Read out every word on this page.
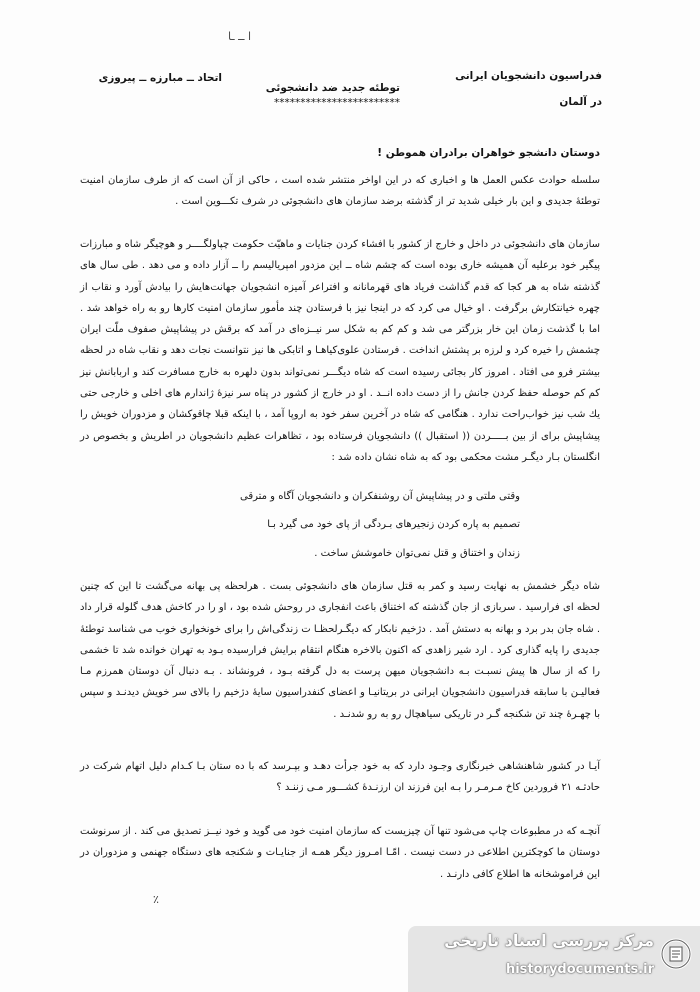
ا ــ ـا
فدراسیون دانشجویان ایرانی
در آلمان
توطئه جدید ضد دانشجوئی
************************
اتحاد ــ مبارزه ــ پیروزی
دوستان دانشجو خواهران برادران هموطن !
سلسله حوادث عکس العمل ها و اخباری که در این اواخر منتشر شده است ، حاکی از آن است که از طرف سازمان امنیت توطئهٔ جدیدی و این بار خیلی شدید تر از گذشته برضد سازمان های دانشجوئی در شرف تکـــوین است .
سازمان های دانشجوئی در داخل و خارج از کشور با افشاء کردن جنایات و ماهیّت حکومت چپاولگــــر و هوچیگر شاه و مبارزات پیگیر خود برعلیه آن همیشه خاری بوده است که چشم شاه ــ این مزدور امپریالیسم را ــ آزار داده و می دهد . طی سال های گذشته شاه به هر کجا که قدم گذاشت فریاد های قهرمانانه و افتراعر آمیزه انشجویان جهانت‌هایش را بیادش آورد و نقاب از چهره خیانتکارش برگرفت . او خیال می کرد که در اینجا نیز با فرستادن چند مأمور سازمان امنیت کارها رو به راه خواهد شد . اما با گذشت زمان این خار بزرگتر می شد و کم کم به شکل سر نیــزه‌ای در آمد که برقش در پیشاپیش صفوف ملّت ایران چشمش را خیره کرد و لرزه بر پشتش انداخت . فرستادن علوی‌کیاهـا و اتابکی ها نیز نتوانست نجات دهد و نقاب شاه در لحظه بیشتر فرو می افتاد . امروز کار بجائی رسیده است که شاه دیگـــر نمی‌تواند بدون دلهره به خارج مسافرت کند و اربابانش نیز کم کم حوصله حفظ کردن جانش را از دست داده انــد . او در خارج از کشور در پناه سر نیزهٔ ژاندارم های اخلی و خارجی حتی یك شب نیز خواب‌راحت ندارد . هنگامی که شاه در آخرین سفر خود به اروپا آمد ، با اینکه قبلا چاقوکشان و مزدوران خویش را پیشاپیش برای از بین بـــــردن (( استقبال )) دانشجویان فرستاده بود ، تظاهرات عظیم دانشجویان در اطریش و بخصوص در انگلستان بـار دیگـر مشت محکمی بود که به شاه نشان داده شد :
وقتی ملتی و در پیشاپیش آن روشنفکران و دانشجویان آگاه و مترقی
تصمیم به پاره کردن زنجیرهای بـردگی از پای خود می گیرد بـا
زندان و اختناق و قتل نمی‌توان خاموشش ساخت .
شاه دیگر خشمش به نهایت رسید و کمر به قتل سازمان های دانشجوئی بست . هرلحظه پی بهانه می‌گشت تا این که چنین لحظه ای فرارسید . سربازی از جان گذشته که اختناق باعث انفجاری در روحش شده بود ، او را در کاخش هدف گلوله قرار داد . شاه جان بدر برد و بهانه به دستش آمد . دژخیم نابکار که دیگـرلحظـا ت زندگی‌اش را برای خونخواری خوب می شناسد توطئه‌ٔ جدیدی را پایه گذاری کرد . ارد شیر زاهدی که اکنون بالاخره هنگام انتقام برایش فرارسیده بـود به تهران خوانده شد تا خشمی را که از سال ها پیش نسبـت بـه دانشجویان میهن پرست به دل گرفته بـود ، فرونشاند . بـه دنبال آن دوستان همرزم مـا فعالیـن با سابقه فدراسیون دانشجویان ایرانی در بریتانیـا و اعضای کنفدراسیون سایهٔ دژخیم را بالای سر خویش دیدنـد و سپس با چهـرهٔ چند تن شکنجه گـر در تاریکی سیاهچال رو به رو شدنـد .
آیـا در کشور شاهنشاهی خبرنگاری وجـود دارد که به خود جرأت دهـد و بپـرسد که با ده ستان بـا کـدام دلیل اتهام شرکت در حادثـه ۲۱ فروردین کاخ مـرمـر را بـه این فرزند ان ارزنـدهٔ کشـــور مـی زننـد ؟
آنچـه که در مطبوعات چاپ می‌شود تنها آن چیزیست که سازمان امنیت خود می گوید و خود نیــز تصدیق می کند . از سرنوشت دوستان ما کوچکترین اطلاعی در دست نیست . امّـا امـروز دیگر همـه از جنایـات و شکنجه های دستگاه جهنمی و مزدوران در این فراموشخانه ها اطلاع کافی دارنـد .
٪
مرکز بررسی اسناد تاریخی
historydocuments.ir
